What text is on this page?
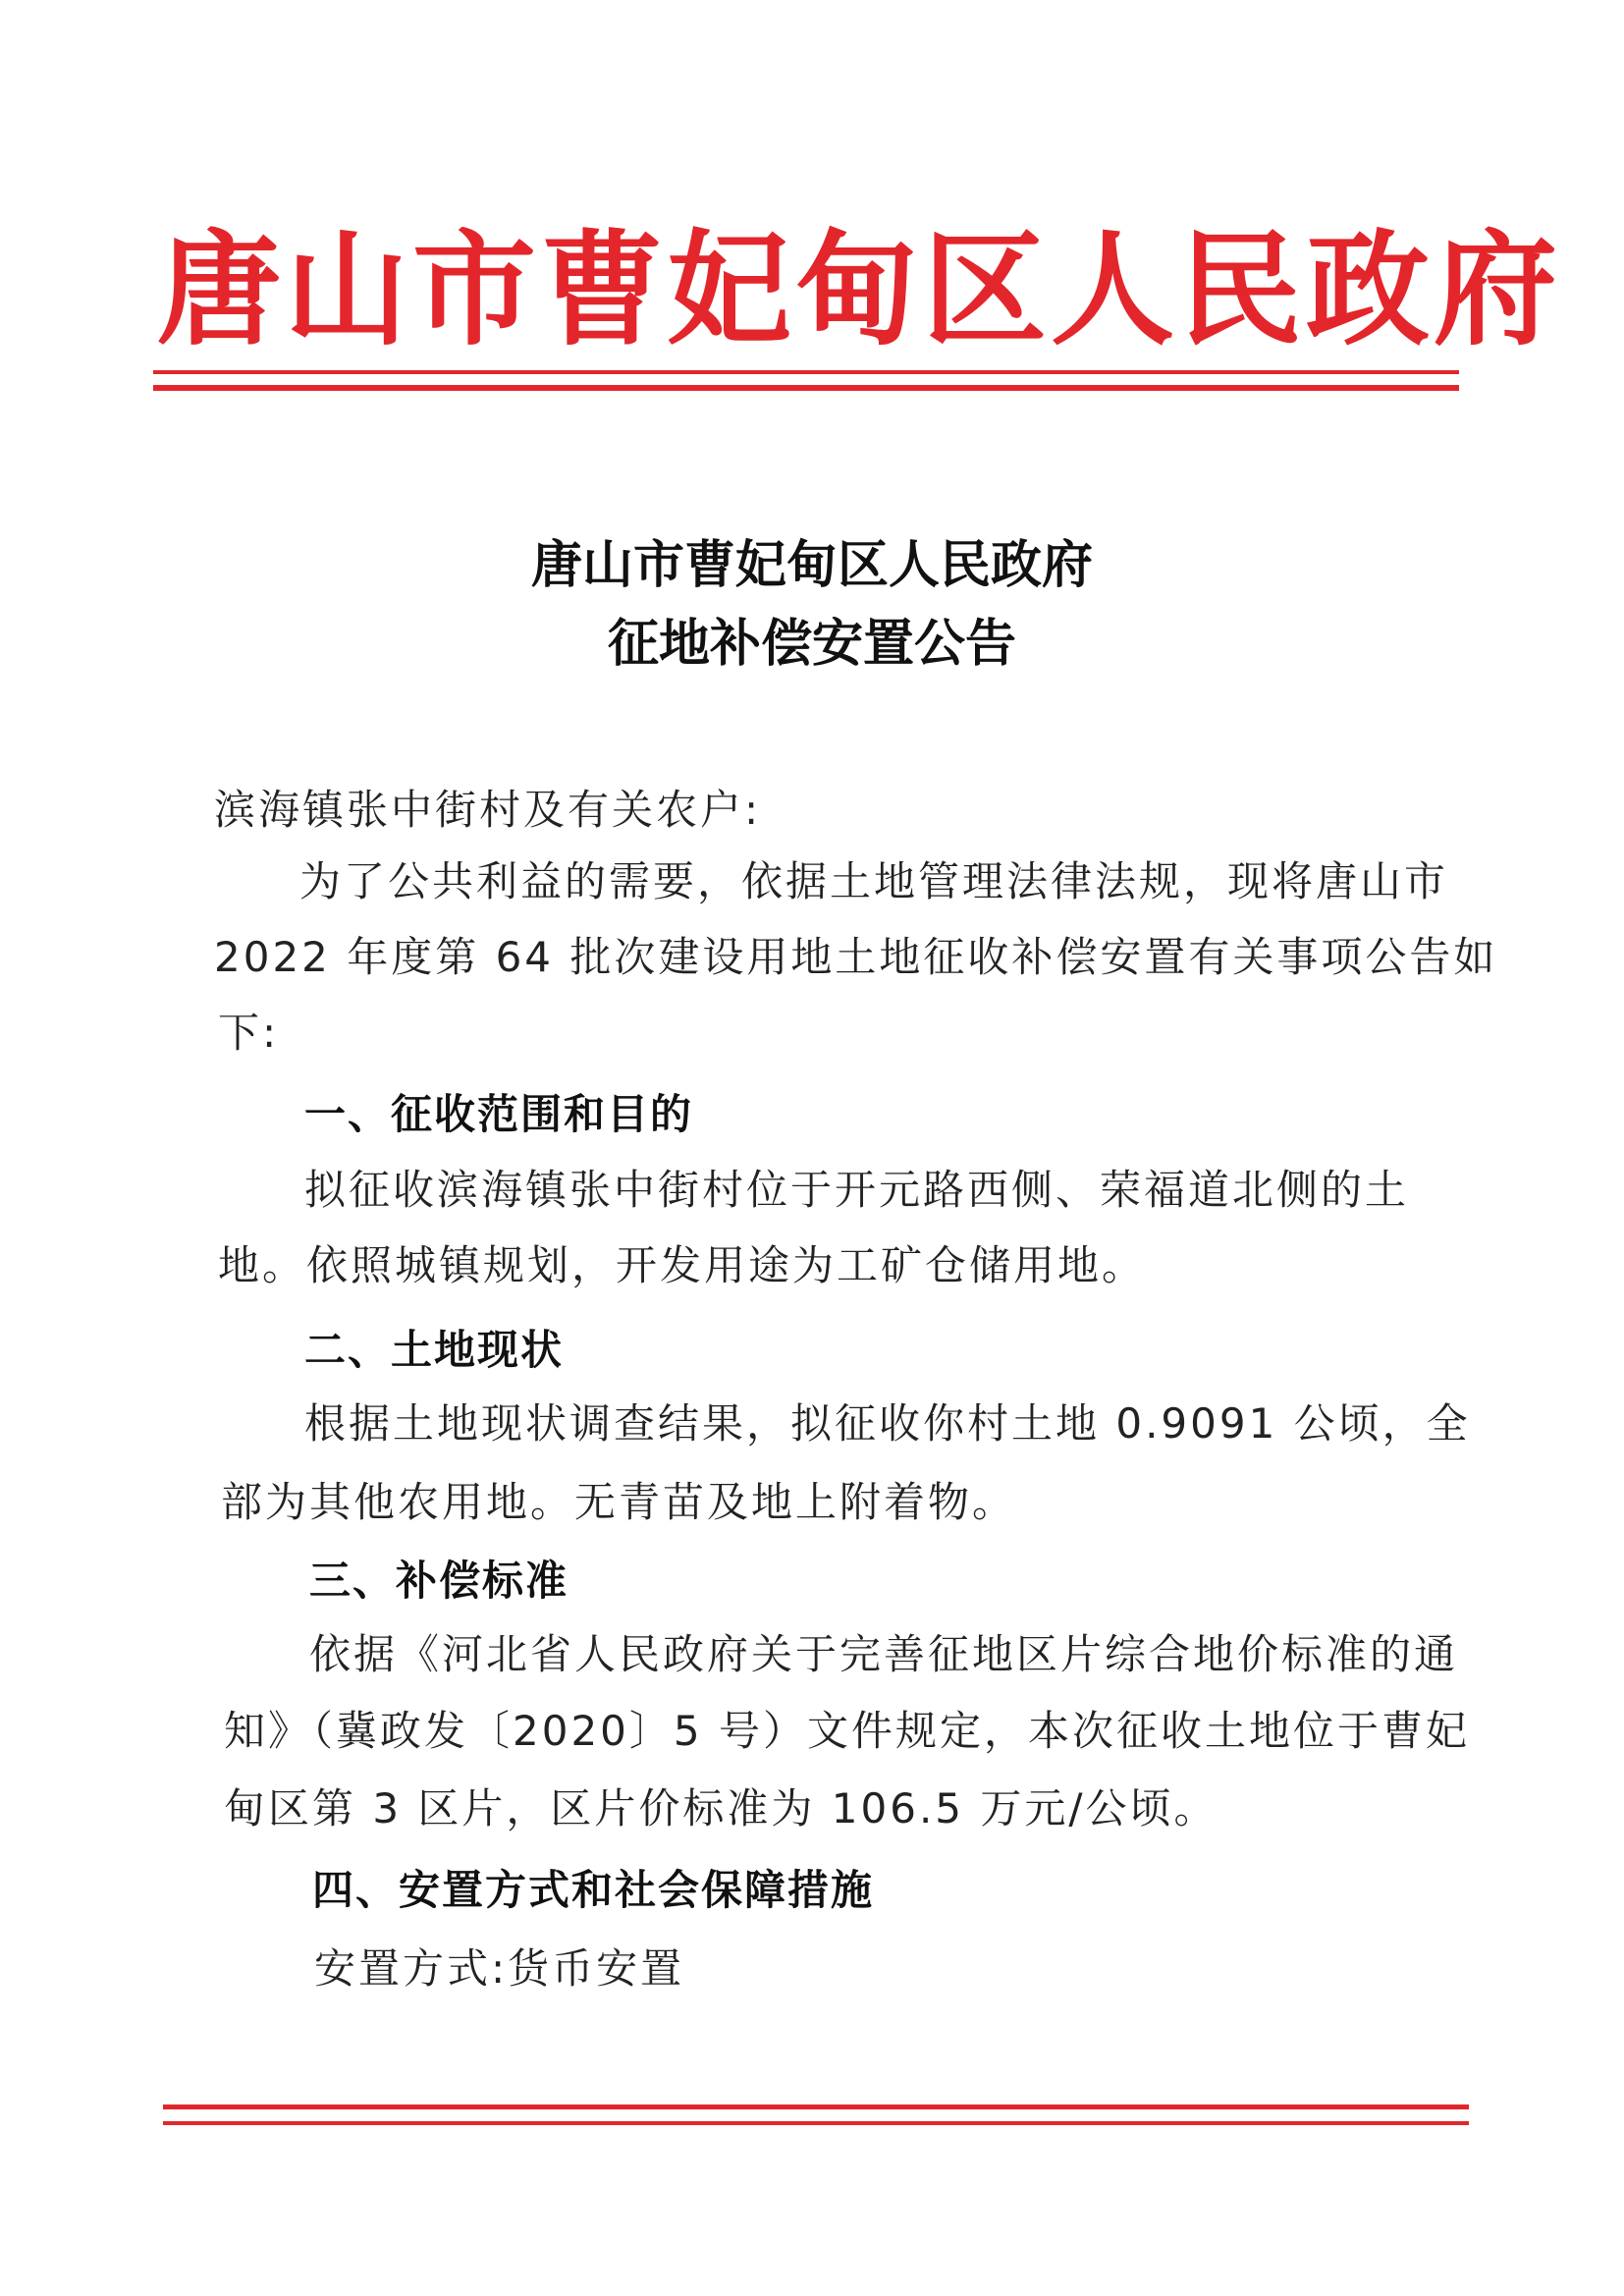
唐山市曹妃甸区人民政府
唐山市曹妃甸区人民政府
征地补偿安置公告
滨海镇张中街村及有关农户:
为了公共利益的需要，依据土地管理法律法规，现将唐山市
2022 年度第 64 批次建设用地土地征收补偿安置有关事项公告如
下:
一、征收范围和目的
拟征收滨海镇张中街村位于开元路西侧、荣福道北侧的土
地。依照城镇规划，开发用途为工矿仓储用地。
二、土地现状
根据土地现状调查结果，拟征收你村土地 0.9091 公顷，全
部为其他农用地。无青苗及地上附着物。
三、补偿标准
依据《河北省人民政府关于完善征地区片综合地价标准的通
知》（冀政发〔2020〕5 号）文件规定，本次征收土地位于曹妃
甸区第 3 区片，区片价标准为 106.5 万元/公顷。
四、安置方式和社会保障措施
安置方式:货币安置
